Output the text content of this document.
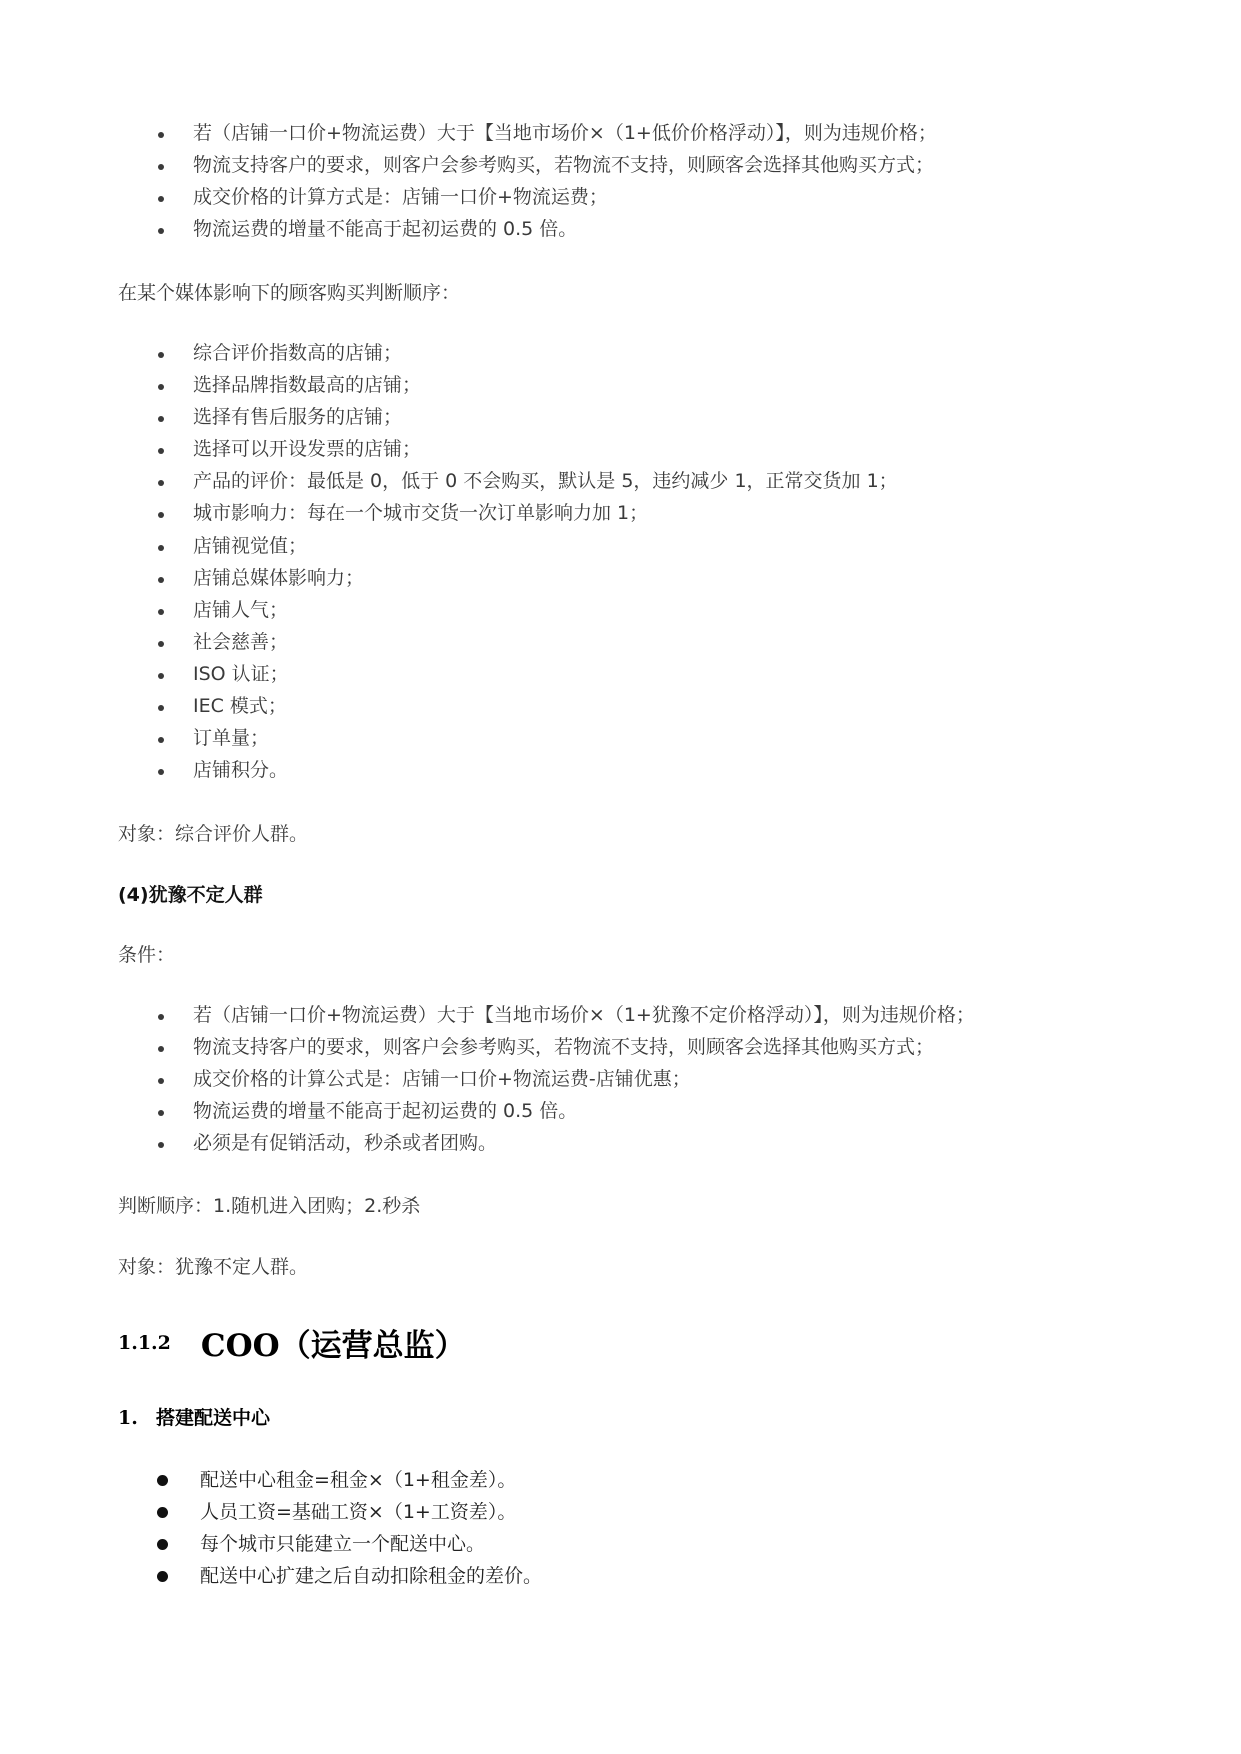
若（店铺一口价+物流运费）大于【当地市场价×（1+低价价格浮动）】，则为违规价格；
物流支持客户的要求，则客户会参考购买，若物流不支持，则顾客会选择其他购买方式；
成交价格的计算方式是：店铺一口价+物流运费；
物流运费的增量不能高于起初运费的 0.5 倍。
在某个媒体影响下的顾客购买判断顺序：
综合评价指数高的店铺；
选择品牌指数最高的店铺；
选择有售后服务的店铺；
选择可以开设发票的店铺；
产品的评价：最低是 0，低于 0 不会购买，默认是 5，违约减少 1，正常交货加 1；
城市影响力：每在一个城市交货一次订单影响力加 1；
店铺视觉值；
店铺总媒体影响力；
店铺人气；
社会慈善；
ISO 认证；
IEC 模式；
订单量；
店铺积分。
对象：综合评价人群。
(4)犹豫不定人群
条件：
若（店铺一口价+物流运费）大于【当地市场价×（1+犹豫不定价格浮动）】，则为违规价格；
物流支持客户的要求，则客户会参考购买，若物流不支持，则顾客会选择其他购买方式；
成交价格的计算公式是：店铺一口价+物流运费-店铺优惠；
物流运费的增量不能高于起初运费的 0.5 倍。
必须是有促销活动，秒杀或者团购。
判断顺序：1.随机进入团购；2.秒杀
对象：犹豫不定人群。
1.1.2 COO（运营总监）
1. 搭建配送中心
配送中心租金=租金×（1+租金差）。
人员工资=基础工资×（1+工资差）。
每个城市只能建立一个配送中心。
配送中心扩建之后自动扣除租金的差价。
